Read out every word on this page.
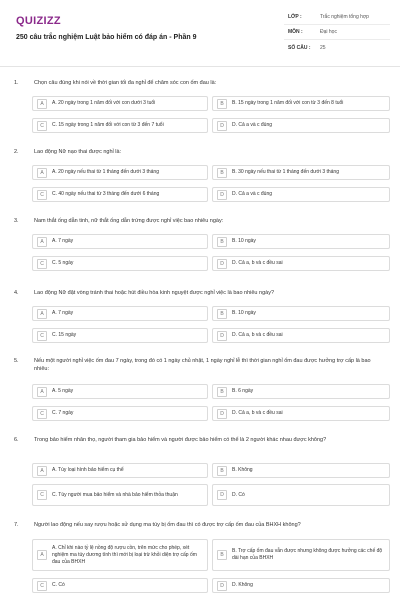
QUIZIZZ
250 câu trắc nghiệm Luật bảo hiểm có đáp án - Phần 9
LỚP :	Trắc nghiệm tổng hợp
MÔN :	Đại học
SỐ CÂU :	25
1.	Chọn câu đúng khi nói về thời gian tối đa nghỉ để chăm sóc con ốm đau là:
A	A. 20 ngày trong 1 năm đối với con dưới 3 tuổi	B	B. 15 ngày trong 1 năm đối với con từ 3 đến 8 tuổi
C	C. 15 ngày trong 1 năm đối với con từ 3 đến 7 tuổi	D	D. Cả a và c đúng
2.	Lao động Nữ nạo thai được nghỉ là:
A	A. 20 ngày nếu thai từ 1 tháng đến dưới 3 tháng	B	B. 30 ngày nếu thai từ 1 tháng đến dưới 3 tháng
C	C. 40 ngày nếu thai từ 3 tháng đến dưới 6 tháng	D	D. Cả a và c đúng
3.	Nam thắt ống dẫn tinh, nữ thắt ống dẫn trứng được nghỉ việc bao nhiêu ngày:
A	A. 7 ngày	B	B. 10 ngày
C	C. 5 ngày	D	D. Cả a, b và c đều sai
4.	Lao động Nữ đặt vòng tránh thai hoặc hút điều hòa kinh nguyệt được nghỉ việc là bao nhiêu ngày?
A	A. 7 ngày	B	B. 10 ngày
C	C. 15 ngày	D	D. Cả a, b và c đều sai
5.	Nếu một người nghỉ việc ốm đau 7 ngày, trong đó có 1 ngày chủ nhật, 1 ngày nghỉ lễ thì thời gian nghỉ ốm đau được hưởng trợ cấp là bao nhiêu:
A	A. 5 ngày	B	B. 6 ngày
C	C. 7 ngày	D	D. Cả a, b và c đều sai
6.	Trong bảo hiểm nhân thọ, người tham gia bảo hiểm và người được bảo hiểm có thể là 2 người khác nhau được không?
A	A. Tùy loại hình bảo hiểm cụ thể	B	B. Không
C	C. Tùy người mua bảo hiểm và nhà bảo hiểm thỏa thuận	D	D. Có
7.	Người lao động nếu say rượu hoặc sử dụng ma túy bị ốm đau thì có được trợ cấp ốm đau của BHXH không?
A
A. Chỉ khi nào tỷ lệ nồng độ rượu cồn, trên mức cho phép, xét nghiệm ma túy dương tính thì mới bị loại trừ khỏi diện trợ cấp ốm đau của BHXH
B
B. Trợ cấp ốm đau vẫn được nhưng không được hưởng các chế độ dài hạn của BHXH
C	C. Có	D	D. Không
